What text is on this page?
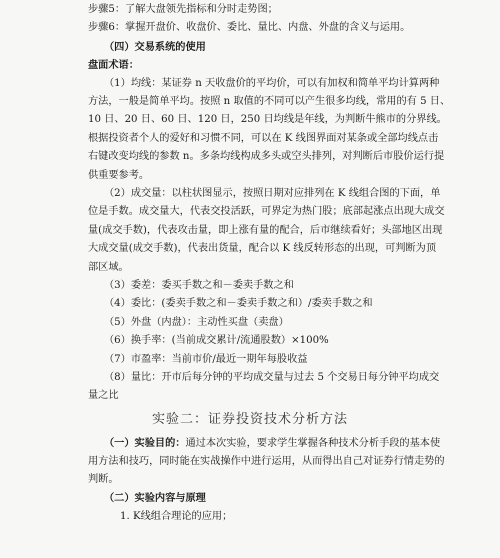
步骤5：了解大盘领先指标和分时走势图；
步骤6：掌握开盘价、收盘价、委比、量比、内盘、外盘的含义与运用。
（四）交易系统的使用
盘面术语：
（1）均线：某证券 n 天收盘价的平均价，可以有加权和简单平均计算两种
方法，一般是简单平均。按照 n 取值的不同可以产生很多均线，常用的有 5 日、
10 日、20 日、60 日、120 日，250 日均线是年线，为判断牛熊市的分界线。
根据投资者个人的爱好和习惯不同，可以在 K 线图界面对某条或全部均线点击
右键改变均线的参数 n。多条均线构成多头或空头排列，对判断后市股价运行提
供重要参考。
（2）成交量：以柱状图显示，按照日期对应排列在 K 线组合图的下面，单
位是手数。成交量大，代表交投活跃，可界定为热门股；底部起涨点出现大成交
量(成交手数)，代表攻击量，即上涨有量的配合，后市继续看好；头部地区出现
大成交量(成交手数)，代表出货量，配合以 K 线反转形态的出现，可判断为顶
部区域。
（3）委差：委买手数之和－委卖手数之和
（4）委比：(委卖手数之和－委卖手数之和）/委卖手数之和
（5）外盘（内盘）：主动性买盘（卖盘）
（6）换手率：(当前成交累计/流通股数）×100%
（7）市盈率：当前市价/最近一期年每股收益
（8）量比：开市后每分钟的平均成交量与过去 5 个交易日每分钟平均成交
量之比
实验二：证券投资技术分析方法
（一）实验目的：通过本次实验，要求学生掌握各种技术分析手段的基本使
用方法和技巧，同时能在实战操作中进行运用，从而得出自己对证券行情走势的
判断。
（二）实验内容与原理
1. K线组合理论的应用；
